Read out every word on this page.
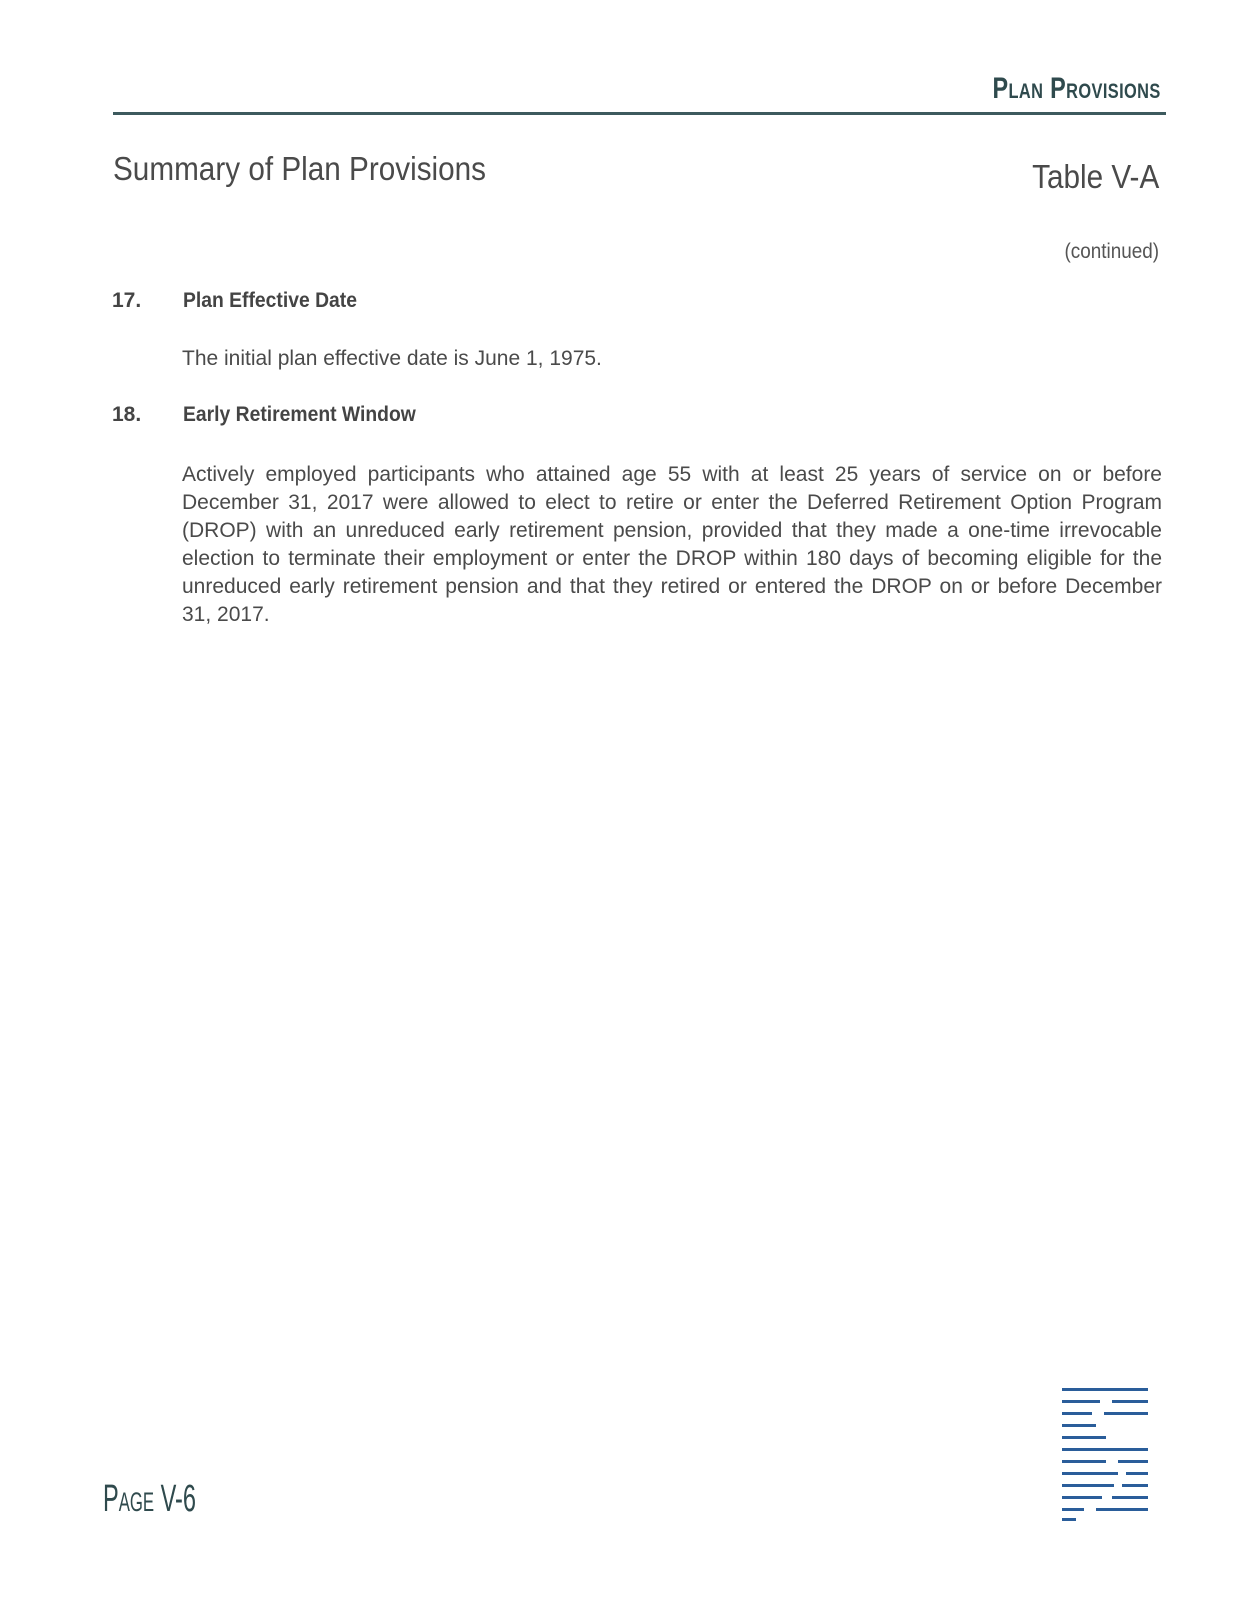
Plan Provisions
Summary of Plan Provisions	Table V-A
(continued)
17. Plan Effective Date
The initial plan effective date is June 1, 1975.
18. Early Retirement Window
Actively employed participants who attained age 55 with at least 25 years of service on or before December 31, 2017 were allowed to elect to retire or enter the Deferred Retirement Option Program (DROP) with an unreduced early retirement pension, provided that they made a one-time irrevocable election to terminate their employment or enter the DROP within 180 days of becoming eligible for the unreduced early retirement pension and that they retired or entered the DROP on or before December 31, 2017.
Page V-6
